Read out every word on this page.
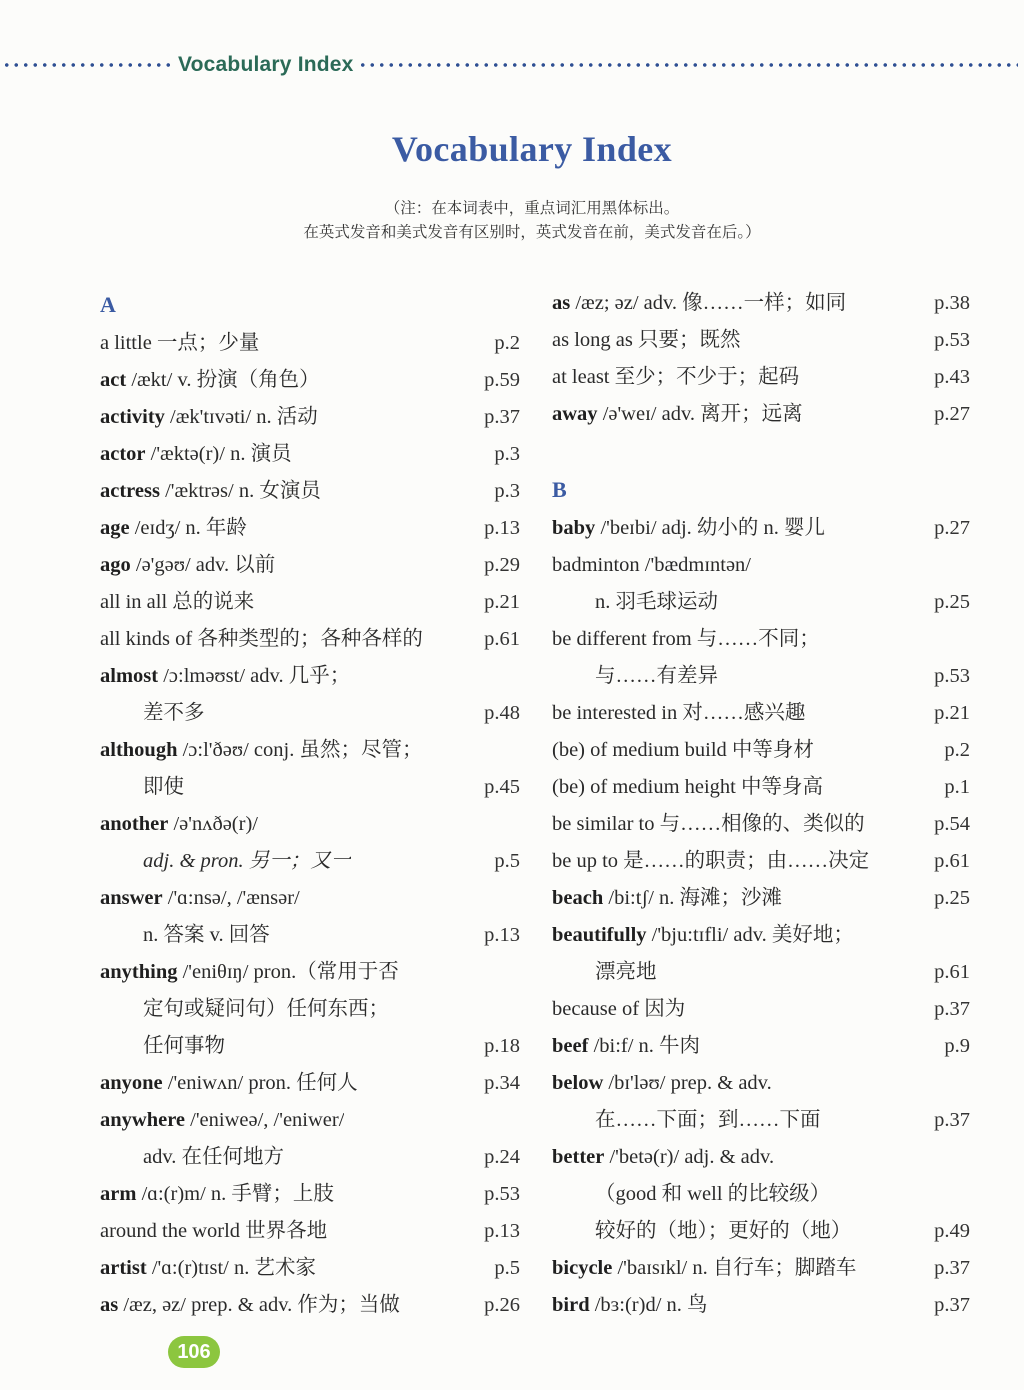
Vocabulary Index
Vocabulary Index
（注：在本词表中，重点词汇用黑体标出。
在英式发音和美式发音有区别时，英式发音在前，美式发音在后。）
A
a little 一点；少量	p.2
act /ækt/ v. 扮演（角色）	p.59
activity /æk'tɪvəti/ n. 活动	p.37
actor /'æktə(r)/ n. 演员	p.3
actress /'æktrəs/ n. 女演员	p.3
age /eɪdʒ/ n. 年龄	p.13
ago /ə'gəʊ/ adv. 以前	p.29
all in all 总的说来	p.21
all kinds of 各种类型的；各种各样的	p.61
almost /ɔ:lməʊst/ adv. 几乎；
差不多	p.48
although /ɔ:l'ðəʊ/ conj. 虽然；尽管；
即使	p.45
another /ə'nʌðə(r)/
adj. & pron. 另一；又一	p.5
answer /'ɑ:nsə/, /'ænsər/
n. 答案 v. 回答	p.13
anything /'eniθɪŋ/ pron.（常用于否
定句或疑问句）任何东西；
任何事物	p.18
anyone /'eniwʌn/ pron. 任何人	p.34
anywhere /'eniweə/, /'eniwer/
adv. 在任何地方	p.24
arm /ɑ:(r)m/ n. 手臂；上肢	p.53
around the world 世界各地	p.13
artist /'ɑ:(r)tɪst/ n. 艺术家	p.5
as /æz, əz/ prep. & adv. 作为；当做	p.26
as /æz; əz/ adv. 像……一样；如同	p.38
as long as 只要；既然	p.53
at least 至少；不少于；起码	p.43
away /ə'weɪ/ adv. 离开；远离	p.27
B
baby /'beɪbi/ adj. 幼小的 n. 婴儿	p.27
badminton /'bædmɪntən/
n. 羽毛球运动	p.25
be different from 与……不同；
与……有差异	p.53
be interested in 对……感兴趣	p.21
(be) of medium build 中等身材	p.2
(be) of medium height 中等身高	p.1
be similar to 与……相像的、类似的	p.54
be up to 是……的职责；由……决定	p.61
beach /bi:tʃ/ n. 海滩；沙滩	p.25
beautifully /'bju:tɪfli/ adv. 美好地；
漂亮地	p.61
because of 因为	p.37
beef /bi:f/ n. 牛肉	p.9
below /bɪ'ləʊ/ prep. & adv.
在……下面；到……下面	p.37
better /'betə(r)/ adj. & adv.
（good 和 well 的比较级）
较好的（地）；更好的（地）	p.49
bicycle /'baɪsɪkl/ n. 自行车；脚踏车	p.37
bird /bɜ:(r)d/ n. 鸟	p.37
106
